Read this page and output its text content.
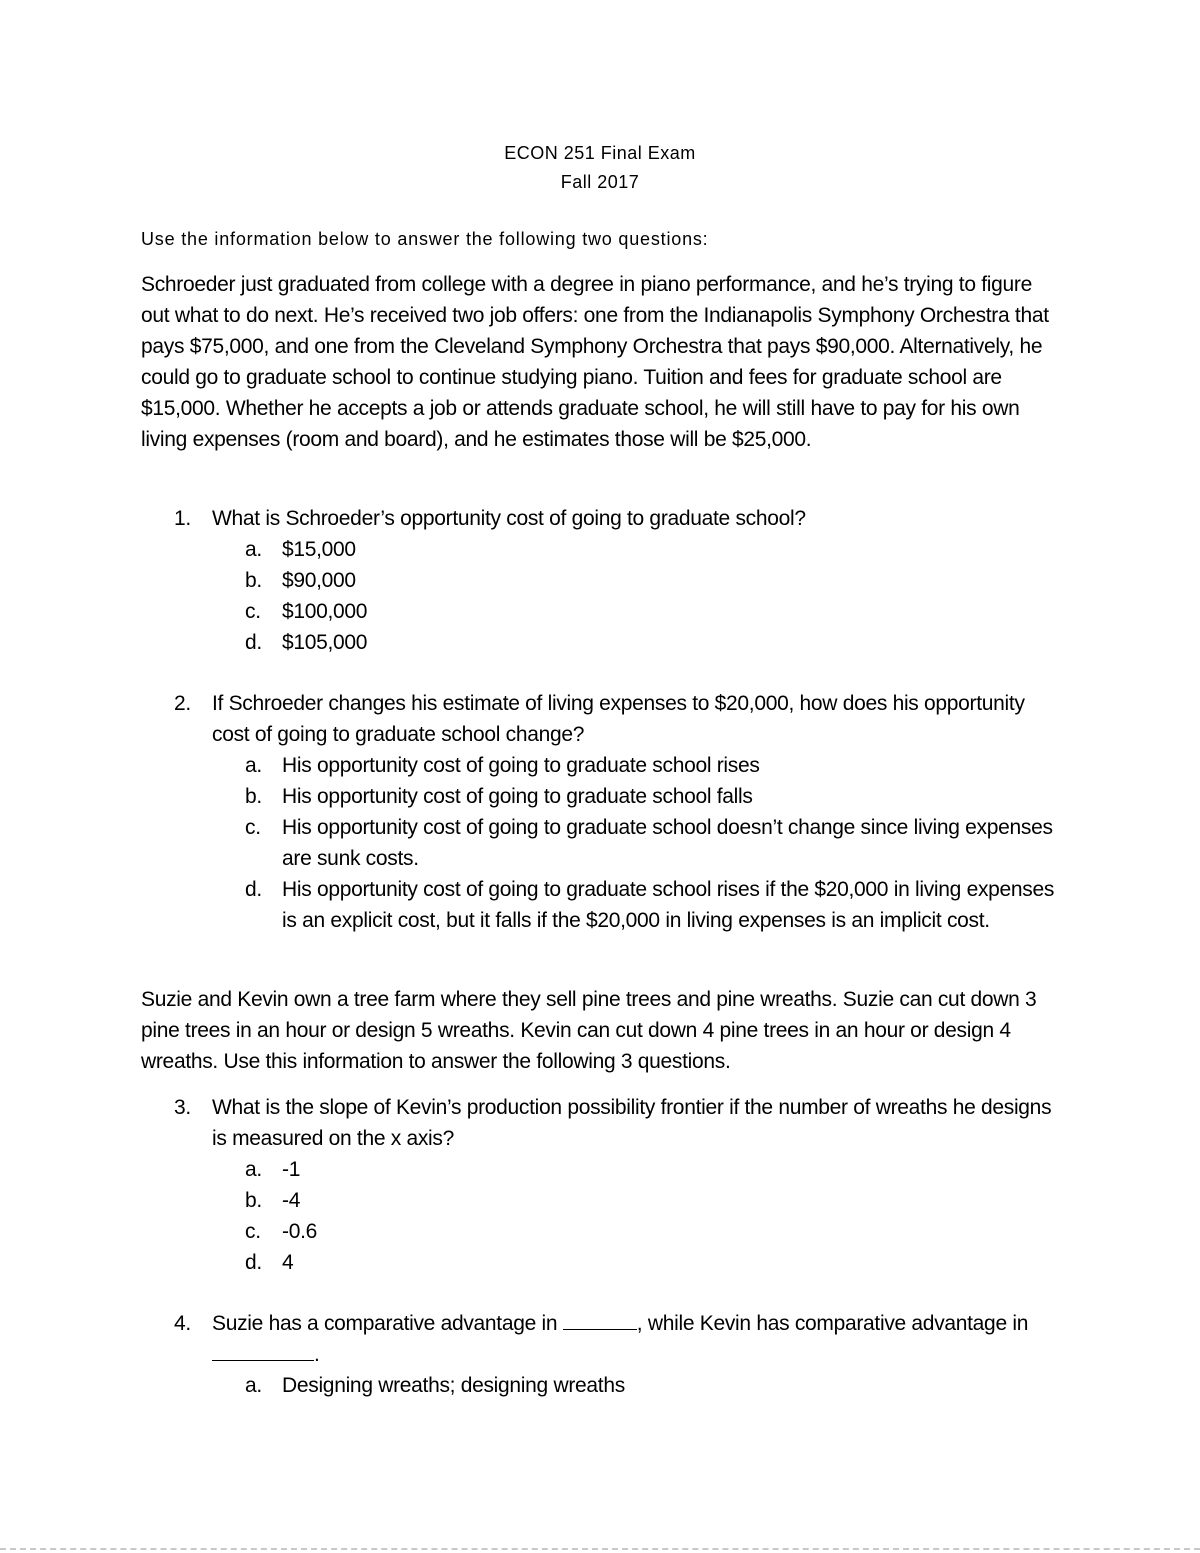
ECON 251 Final Exam
Fall 2017
Use the information below to answer the following two questions:

Schroeder just graduated from college with a degree in piano performance, and he’s trying to figure out what to do next. He’s received two job offers: one from the Indianapolis Symphony Orchestra that pays $75,000, and one from the Cleveland Symphony Orchestra that pays $90,000. Alternatively, he could go to graduate school to continue studying piano. Tuition and fees for graduate school are $15,000. Whether he accepts a job or attends graduate school, he will still have to pay for his own living expenses (room and board), and he estimates those will be $25,000.

1. What is Schroeder’s opportunity cost of going to graduate school?
a. $15,000
b. $90,000
c. $100,000
d. $105,000
2. If Schroeder changes his estimate of living expenses to $20,000, how does his opportunity cost of going to graduate school change?
a. His opportunity cost of going to graduate school rises
b. His opportunity cost of going to graduate school falls
c. His opportunity cost of going to graduate school doesn’t change since living expenses are sunk costs.
d. His opportunity cost of going to graduate school rises if the $20,000 in living expenses is an explicit cost, but it falls if the $20,000 in living expenses is an implicit cost.

Suzie and Kevin own a tree farm where they sell pine trees and pine wreaths. Suzie can cut down 3 pine trees in an hour or design 5 wreaths. Kevin can cut down 4 pine trees in an hour or design 4 wreaths. Use this information to answer the following 3 questions.

3. What is the slope of Kevin’s production possibility frontier if the number of wreaths he designs is measured on the x axis?
a. -1
b. -4
c. -0.6
d. 4
4. Suzie has a comparative advantage in	, while Kevin has comparative advantage in
.
a. Designing wreaths; designing wreaths
